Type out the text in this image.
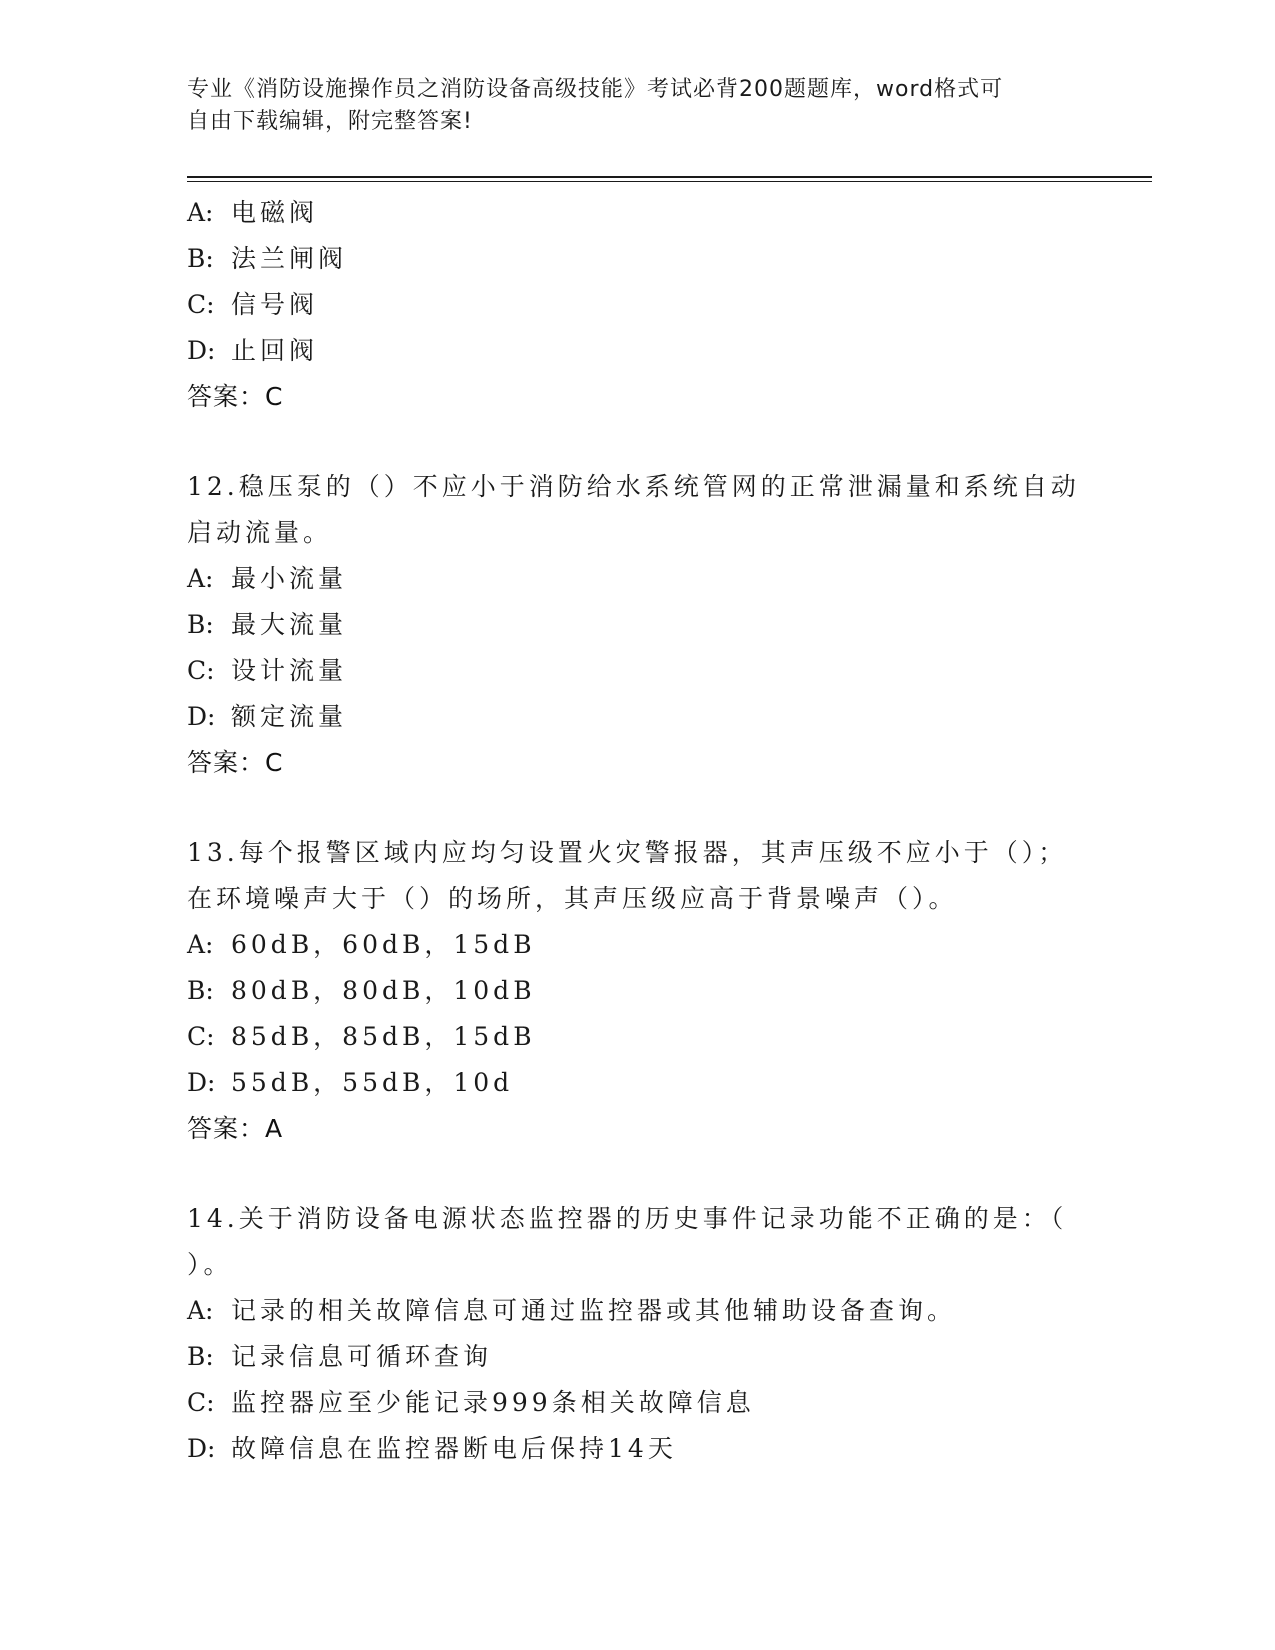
专业《消防设施操作员之消防设备高级技能》考试必背200题题库，word格式可
自由下载编辑，附完整答案!
A: 电磁阀
B: 法兰闸阀
C: 信号阀
D: 止回阀
答案：C
12.稳压泵的（）不应小于消防给水系统管网的正常泄漏量和系统自动
启动流量。
A: 最小流量
B: 最大流量
C: 设计流量
D: 额定流量
答案：C
13.每个报警区域内应均匀设置火灾警报器，其声压级不应小于（）；
在环境噪声大于（）的场所，其声压级应高于背景噪声（）。
A: 60dB，60dB，15dB
B: 80dB，80dB，10dB
C: 85dB，85dB，15dB
D: 55dB，55dB，10d
答案：A
14.关于消防设备电源状态监控器的历史事件记录功能不正确的是：（
）。
A: 记录的相关故障信息可通过监控器或其他辅助设备查询。
B: 记录信息可循环查询
C: 监控器应至少能记录999条相关故障信息
D: 故障信息在监控器断电后保持14天
